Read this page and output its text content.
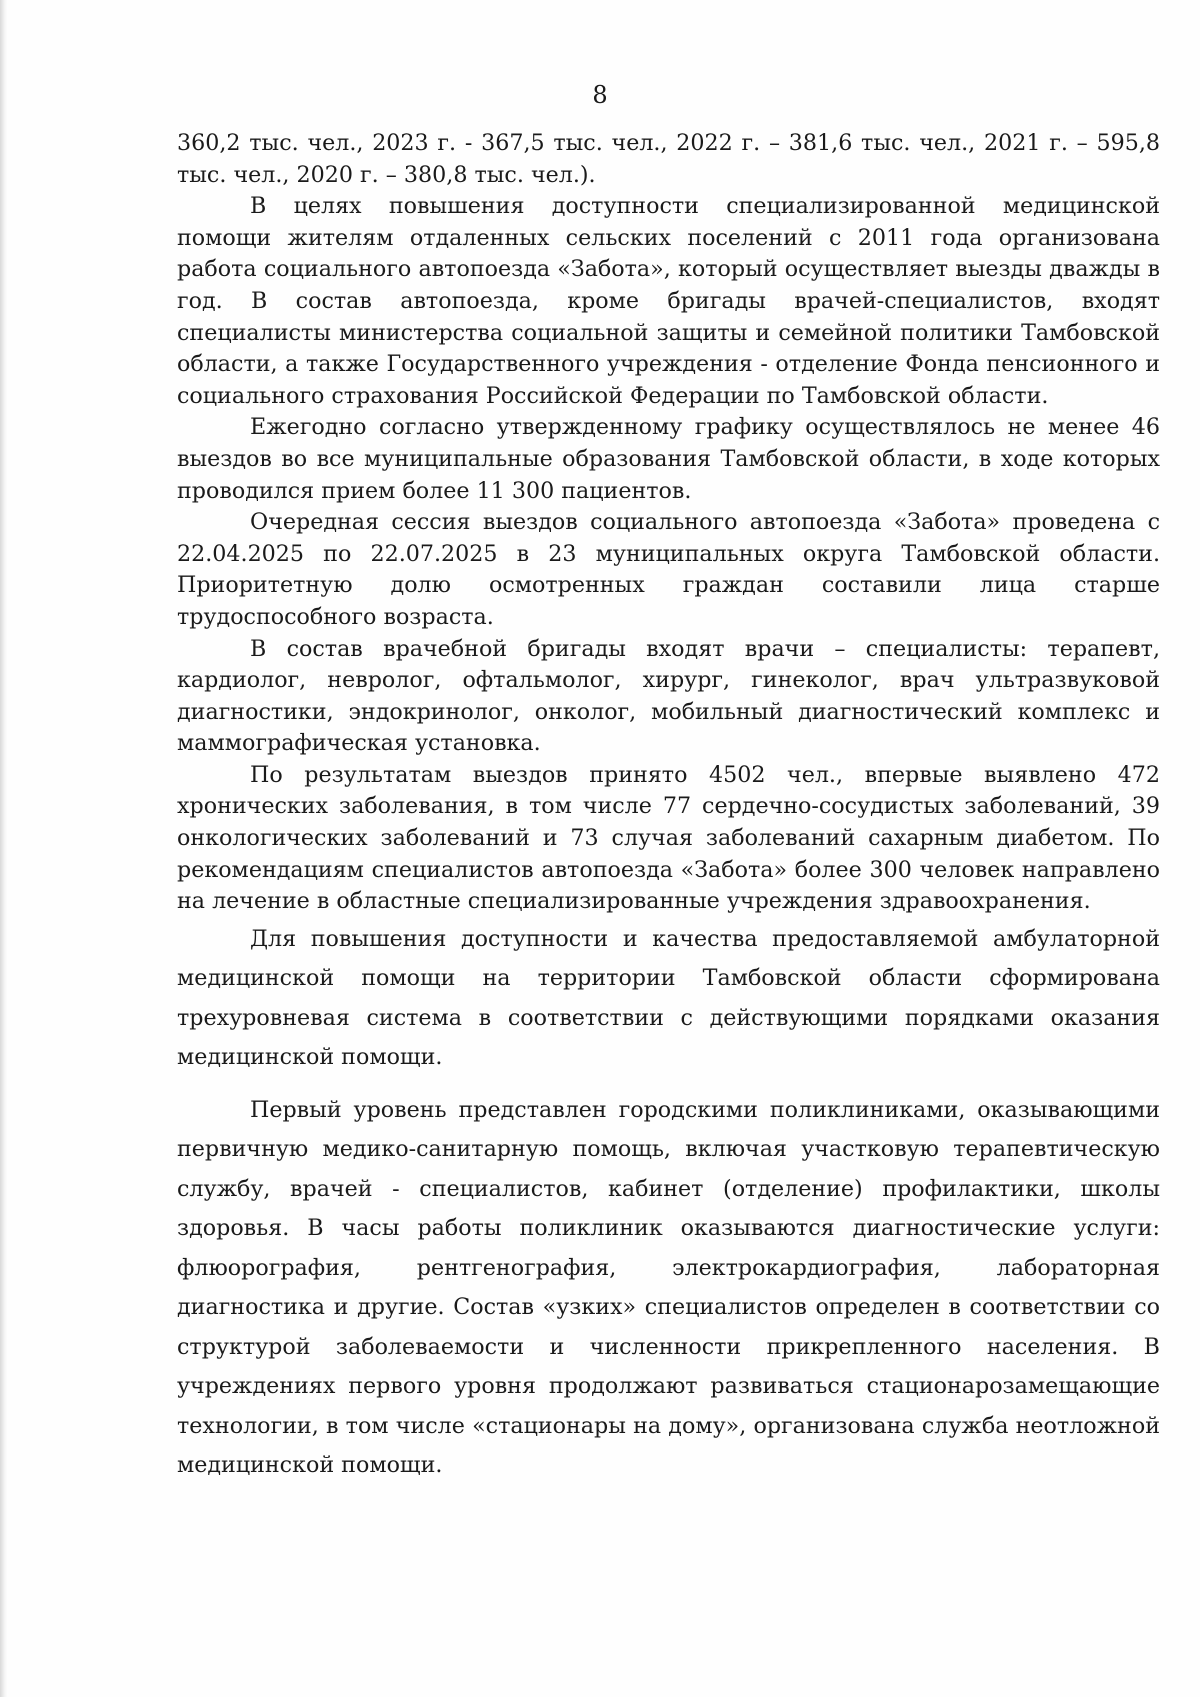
8

360,2 тыс. чел., 2023 г. - 367,5 тыс. чел., 2022 г. – 381,6 тыс. чел., 2021 г. – 595,8 тыс. чел., 2020 г. – 380,8 тыс. чел.).

В целях повышения доступности специализированной медицинской помощи жителям отдаленных сельских поселений с 2011 года организована работа социального автопоезда «Забота», который осуществляет выезды дважды в год. В состав автопоезда, кроме бригады врачей-специалистов, входят специалисты министерства социальной защиты и семейной политики Тамбовской области, а также Государственного учреждения - отделение Фонда пенсионного и социального страхования Российской Федерации по Тамбовской области.

Ежегодно согласно утвержденному графику осуществлялось не менее 46 выездов во все муниципальные образования Тамбовской области, в ходе которых проводился прием более 11 300 пациентов.

Очередная сессия выездов социального автопоезда «Забота» проведена с 22.04.2025 по 22.07.2025 в 23 муниципальных округа Тамбовской области. Приоритетную долю осмотренных граждан составили лица старше трудоспособного возраста.

В состав врачебной бригады входят врачи – специалисты: терапевт, кардиолог, невролог, офтальмолог, хирург, гинеколог, врач ультразвуковой диагностики, эндокринолог, онколог, мобильный диагностический комплекс и маммографическая установка.

По результатам выездов принято 4502 чел., впервые выявлено 472 хронических заболевания, в том числе 77 сердечно-сосудистых заболеваний, 39 онкологических заболеваний и 73 случая заболеваний сахарным диабетом. По рекомендациям специалистов автопоезда «Забота» более 300 человек направлено на лечение в областные специализированные учреждения здравоохранения.

Для повышения доступности и качества предоставляемой амбулаторной медицинской помощи на территории Тамбовской области сформирована трехуровневая система в соответствии с действующими порядками оказания медицинской помощи.

Первый уровень представлен городскими поликлиниками, оказывающими первичную медико-санитарную помощь, включая участковую терапевтическую службу, врачей - специалистов, кабинет (отделение) профилактики, школы здоровья. В часы работы поликлиник оказываются диагностические услуги: флюорография, рентгенография, электрокардиография, лабораторная диагностика и другие. Состав «узких» специалистов определен в соответствии со структурой заболеваемости и численности прикрепленного населения. В учреждениях первого уровня продолжают развиваться стационарозамещающие технологии, в том числе «стационары на дому», организована служба неотложной медицинской помощи.
